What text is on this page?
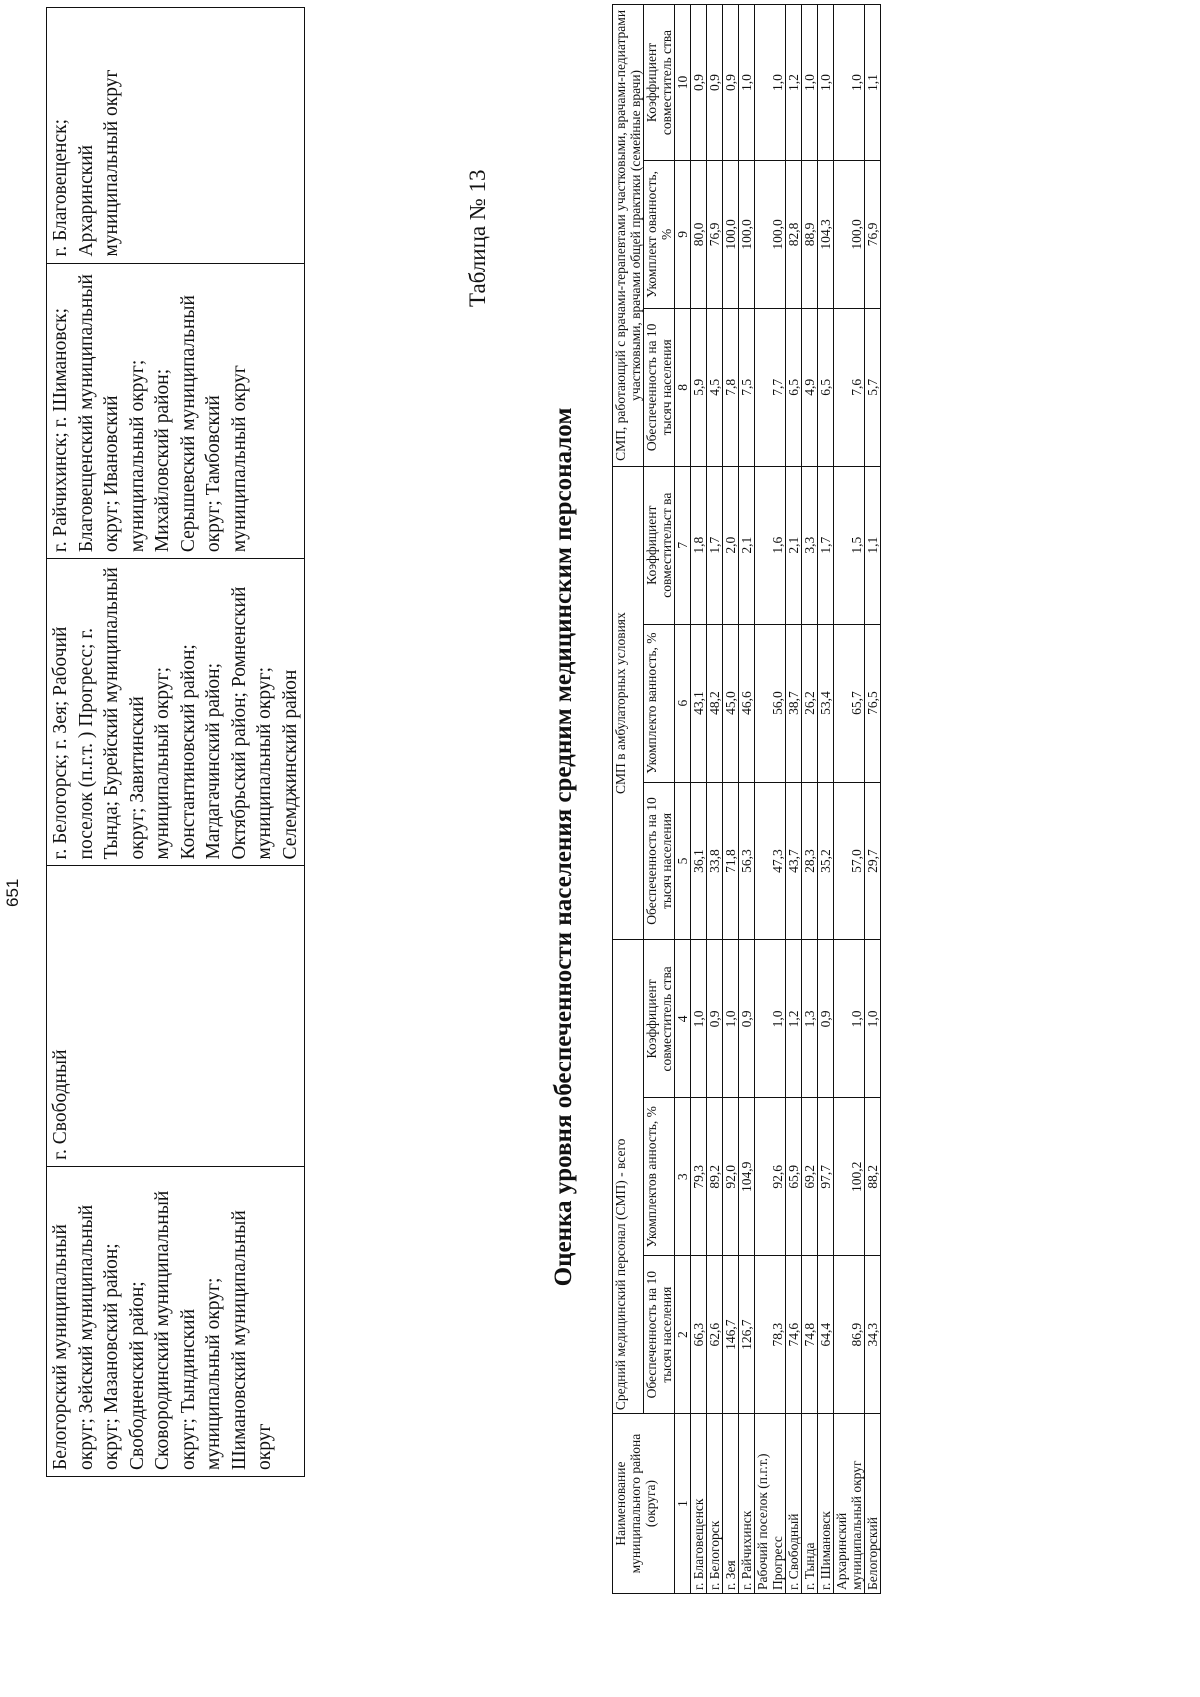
651
Белогорский муниципальный округ; Зейский муниципальный округ; Мазановский район; Свободненский район; Сковородинский муниципальный округ; Тындинский муниципальный округ; Шимановский муниципальный округ	г. Свободный	г. Белогорск; г. Зея; Рабочий поселок (п.г.т. ) Прогресс; г. Тында; Бурейский муниципальный округ; Завитинский муниципальный округ; Константиновский район; Магдагачинский район; Октябрьский район; Ромненский муниципальный округ; Селемджинский район	г. Райчихинск; г. Шимановск; Благовещенский муниципальный округ; Ивановский муниципальный округ; Михайловский район; Серышевский муниципальный округ; Тамбовский муниципальный округ	г. Благовещенск; Архаринский муниципальный округ	Таблица № 13
Оценка уровня обеспеченности населения средним медицинским персоналом
Наименование муниципального района (округа)	Средний медицинский персонал (СМП) - всего			СМП в амбулаторных условиях			СМП, работающий с врачами-терапевтами участковыми, врачами-педиатрами участковыми, врачами общей практики (семейные врачи)		
	Обеспеченность на 10 тысяч населения	Укомплектов анность, %	Коэффициент совместитель ства	Обеспеченность на 10 тысяч населения	Укомплекто ванность, %	Коэффициент совместительст ва	Обеспеченность на 10 тысяч населения	Укомплект ованность, %	Коэффициент совместитель ства
1	2	3	4	5	6	7	8	9	10
г. Благовещенск	66,3	79,3	1,0	36,1	43,1	1,8	5,9	80,0	0,9
г. Белогорск	62,6	89,2	0,9	33,8	48,2	1,7	4,5	76,9	0,9
г. Зея	146,7	92,0	1,0	71,8	45,0	2,0	7,8	100,0	0,9
г. Райчихинск	126,7	104,9	0,9	56,3	46,6	2,1	7,5	100,0	1,0
Рабочий поселок (п.г.т.) Прогресс	78,3	92,6	1,0	47,3	56,0	1,6	7,7	100,0	1,0
г. Свободный	74,6	65,9	1,2	43,7	38,7	2,1	6,5	82,8	1,2
г. Тында	74,8	69,2	1,3	28,3	26,2	3,3	4,9	88,9	1,0
г. Шимановск	64,4	97,7	0,9	35,2	53,4	1,7	6,5	104,3	1,0
Архаринский муниципальный округ	86,9	100,2	1,0	57,0	65,7	1,5	7,6	100,0	1,0
Белогорский	34,3	88,2	1,0	29,7	76,5	1,1	5,7	76,9	1,1
